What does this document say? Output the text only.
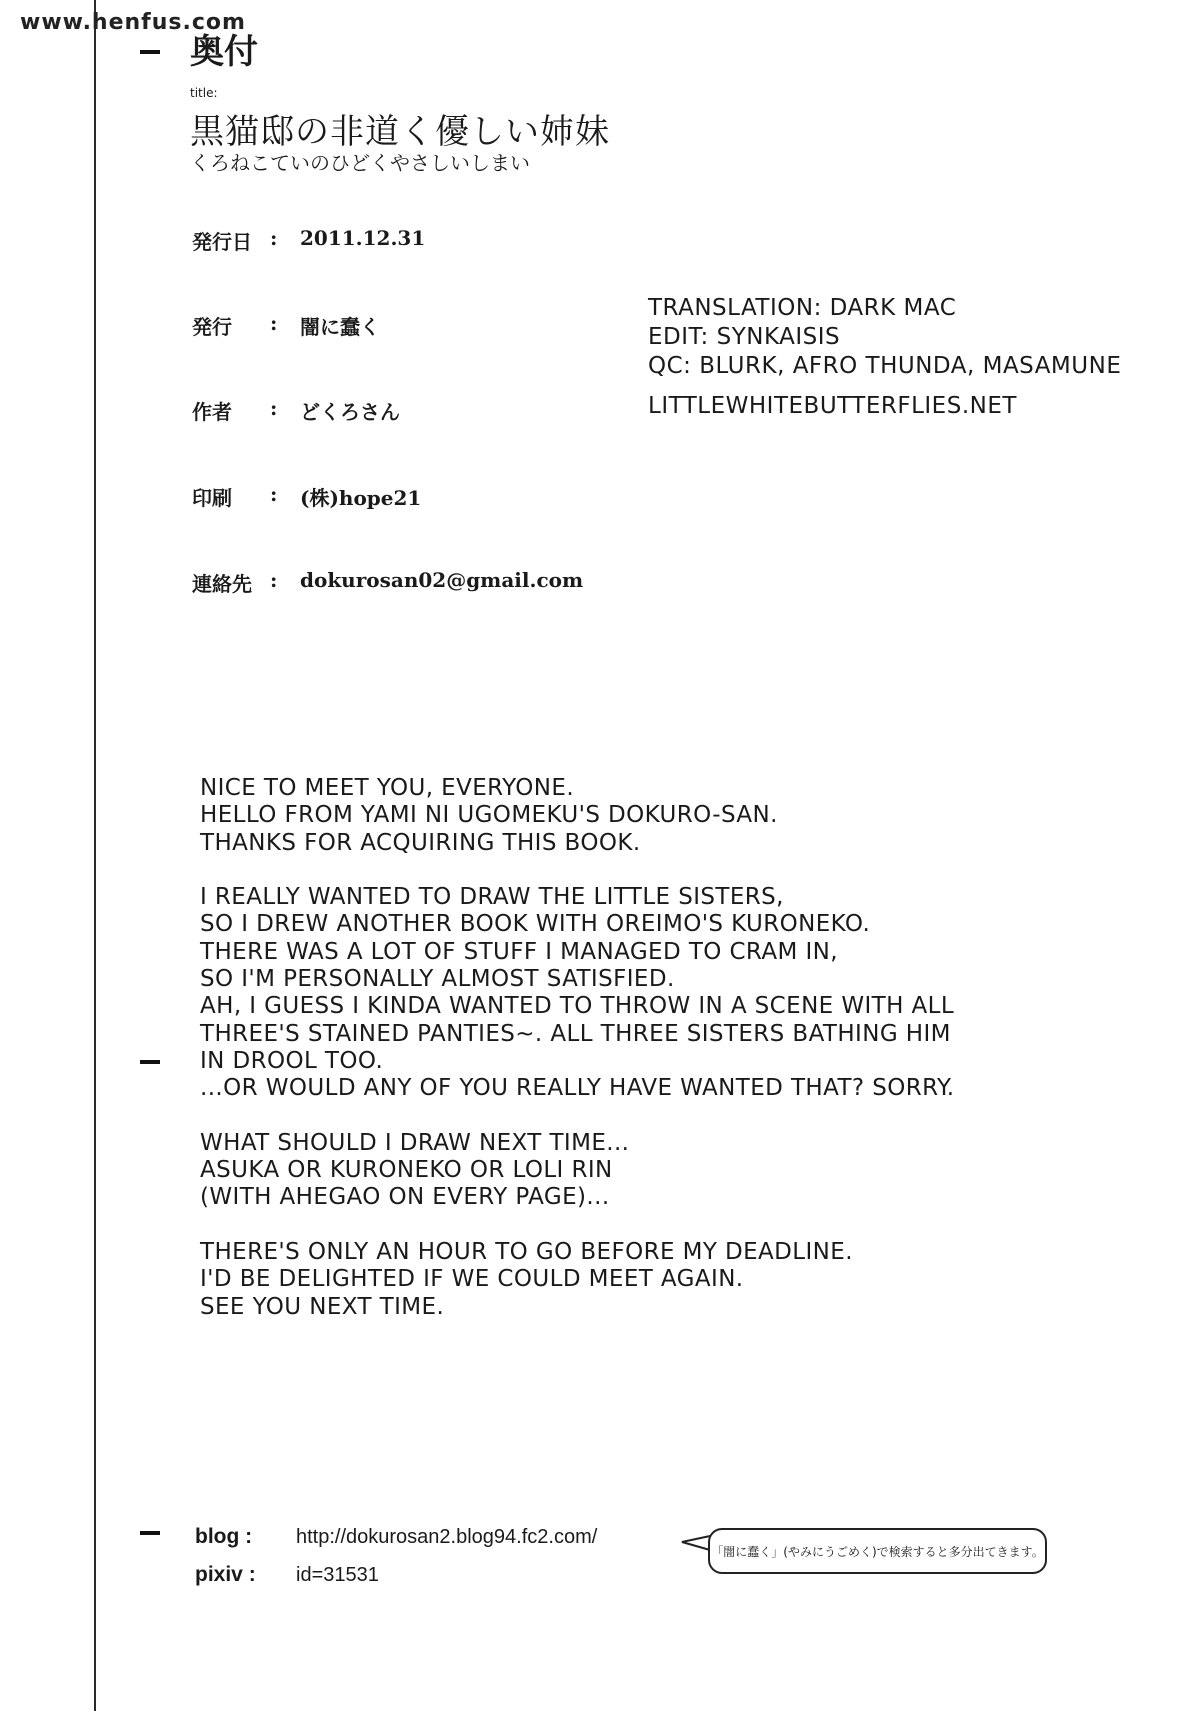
www.henfus.com
奥付
title:
黒猫邸の非道く優しい姉妹
くろねこていのひどくやさしいしまい
発行日 : 2011.12.31
発行	: 闇に蠢く
作者	: どくろさん
印刷	: (株)hope21
連絡先 : dokurosan02@gmail.com
TRANSLATION: DARK MAC
EDIT: SYNKAISIS
QC: BLURK, AFRO THUNDA, MASAMUNE
LITTLEWHITEBUTTERFLIES.NET
NICE TO MEET YOU, EVERYONE.
HELLO FROM YAMI NI UGOMEKU'S DOKURO-SAN.
THANKS FOR ACQUIRING THIS BOOK.
I REALLY WANTED TO DRAW THE LITTLE SISTERS,
SO I DREW ANOTHER BOOK WITH OREIMO'S KURONEKO.
THERE WAS A LOT OF STUFF I MANAGED TO CRAM IN,
SO I'M PERSONALLY ALMOST SATISFIED.
AH, I GUESS I KINDA WANTED TO THROW IN A SCENE WITH ALL
THREE'S STAINED PANTIES~. ALL THREE SISTERS BATHING HIM
IN DROOL TOO.
...OR WOULD ANY OF YOU REALLY HAVE WANTED THAT? SORRY.
WHAT SHOULD I DRAW NEXT TIME...
ASUKA OR KURONEKO OR LOLI RIN
(WITH AHEGAO ON EVERY PAGE)...
THERE'S ONLY AN HOUR TO GO BEFORE MY DEADLINE.
I'D BE DELIGHTED IF WE COULD MEET AGAIN.
SEE YOU NEXT TIME.
blog : http://dokurosan2.blog94.fc2.com/
pixiv : id=31531
「闇に蠢く」(やみにうごめく)で検索すると多分出てきます。
